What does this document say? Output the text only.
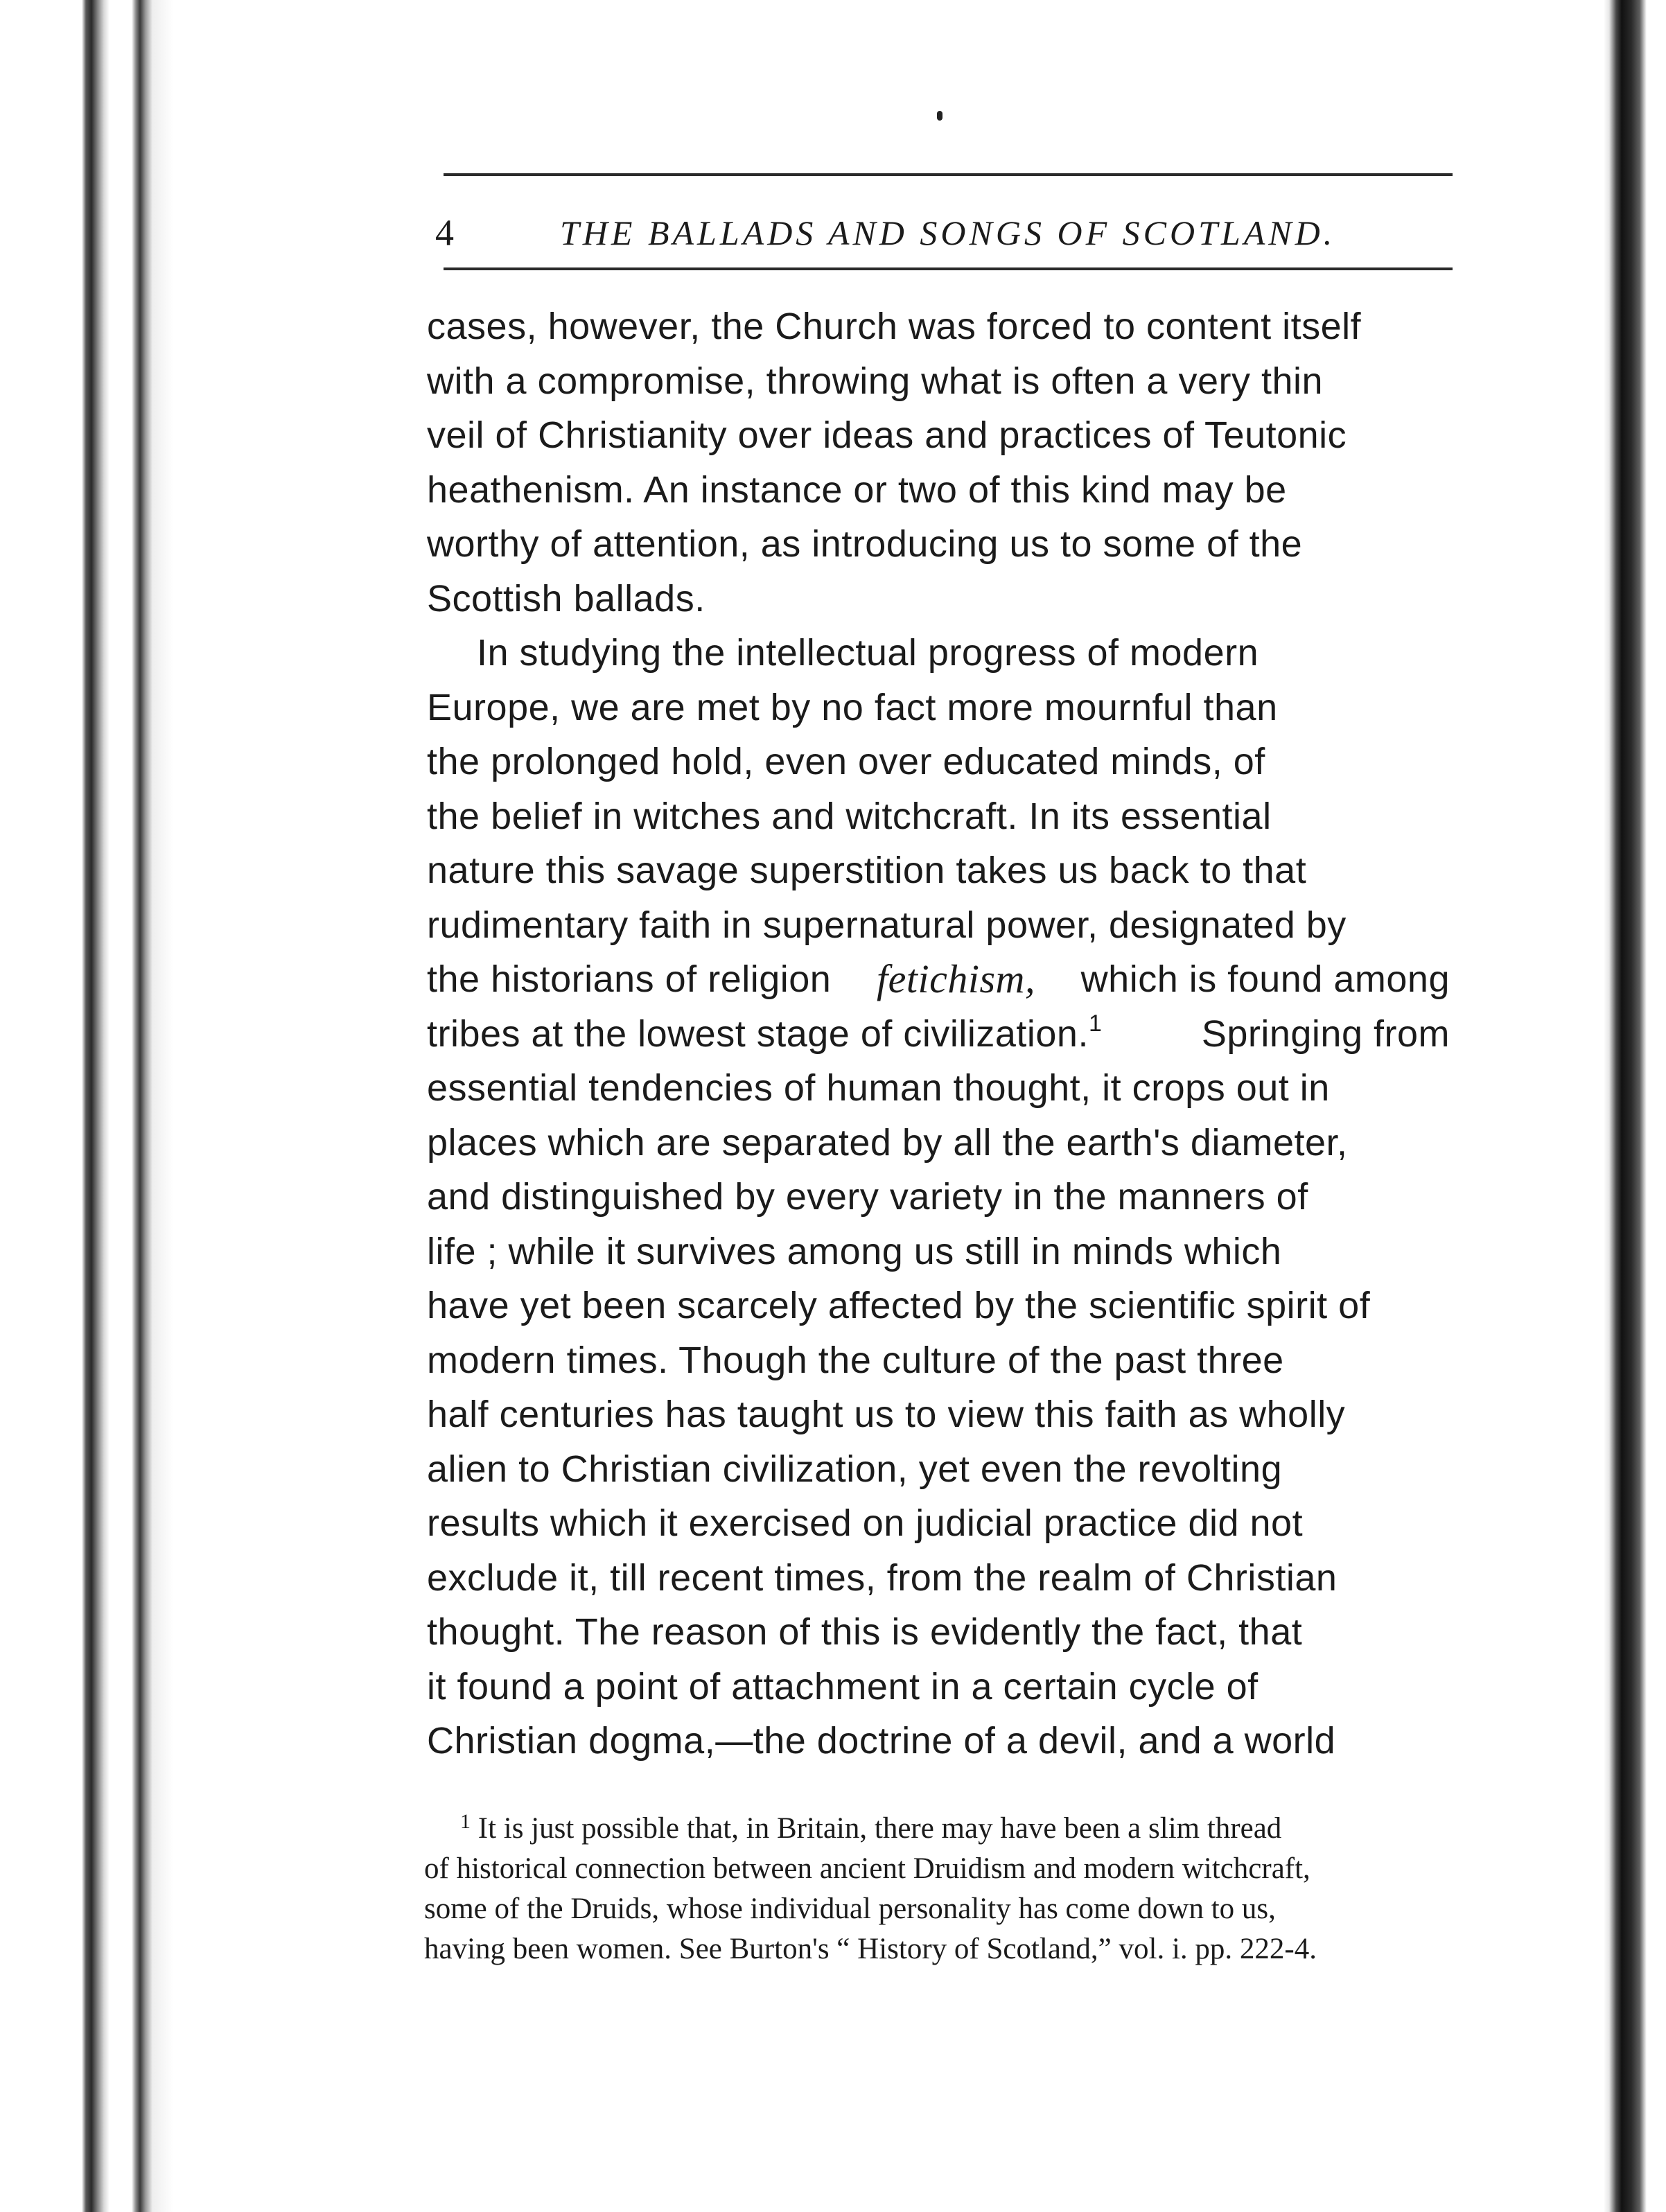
4	THE BALLADS AND SONGS OF SCOTLAND.
cases, however, the Church was forced to content itself
with a compromise, throwing what is often a very thin
veil of Christianity over ideas and practices of Teutonic
heathenism. An instance or two of this kind may be
worthy of attention, as introducing us to some of the
Scottish ballads.
In studying the intellectual progress of modern
Europe, we are met by no fact more mournful than
the prolonged hold, even over educated minds, of
the belief in witches and witchcraft. In its essential
nature this savage superstition takes us back to that
rudimentary faith in supernatural power, designated by
the historians of religion fetichism, which is found among
tribes at the lowest stage of civilization.$^1$	Springing from
essential tendencies of human thought, it crops out in
places which are separated by all the earth's diameter,
and distinguished by every variety in the manners of
life ; while it survives among us still in minds which
have yet been scarcely affected by the scientific spirit of
modern times. Though the culture of the past three
half centuries has taught us to view this faith as wholly
alien to Christian civilization, yet even the revolting
results which it exercised on judicial practice did not
exclude it, till recent times, from the realm of Christian
thought. The reason of this is evidently the fact, that
it found a point of attachment in a certain cycle of
Christian dogma,—the doctrine of a devil, and a world
$^1$ It is just possible that, in Britain, there may have been a slim thread
of historical connection between ancient Druidism and modern witchcraft,
some of the Druids, whose individual personality has come down to us,
having been women. See Burton's “ History of Scotland,” vol. i. pp. 222-4.
